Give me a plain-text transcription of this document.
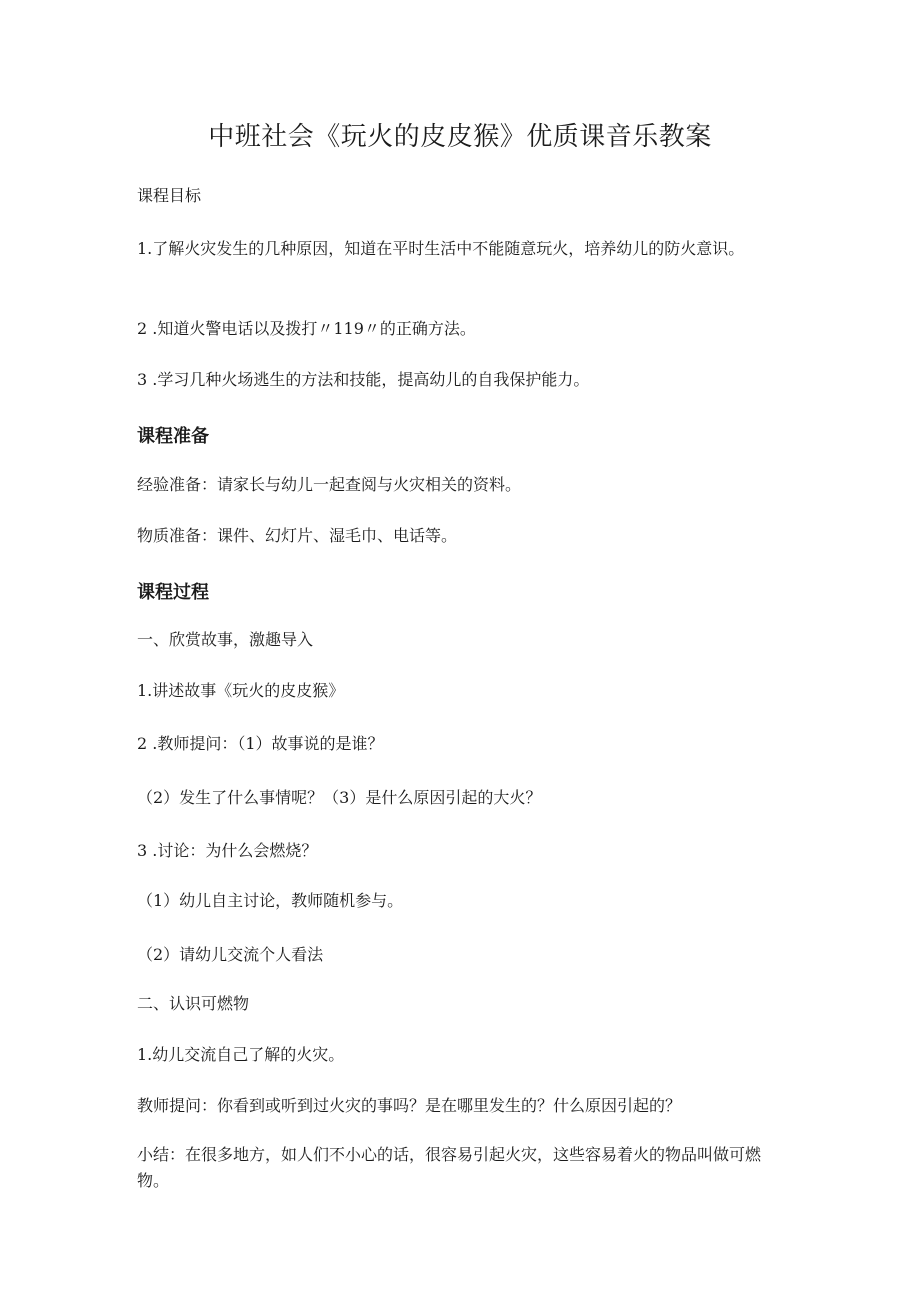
中班社会《玩火的皮皮猴》优质课音乐教案
课程目标
1.了解火灾发生的几种原因，知道在平时生活中不能随意玩火，培养幼儿的防火意识。
2 .知道火警电话以及拨打〃119〃的正确方法。
3 .学习几种火场逃生的方法和技能，提高幼儿的自我保护能力。
课程准备
经验准备：请家长与幼儿一起查阅与火灾相关的资料。
物质准备：课件、幻灯片、湿毛巾、电话等。
课程过程
一、欣赏故事，激趣导入
1.讲述故事《玩火的皮皮猴》
2 .教师提问：（1）故事说的是谁？
（2）发生了什么事情呢？（3）是什么原因引起的大火？
3 .讨论：为什么会燃烧？
（1）幼儿自主讨论，教师随机参与。
（2）请幼儿交流个人看法
二、认识可燃物
1.幼儿交流自己了解的火灾。
教师提问：你看到或听到过火灾的事吗？是在哪里发生的？什么原因引起的？
小结：在很多地方，如人们不小心的话，很容易引起火灾，这些容易着火的物品叫做可燃物。
